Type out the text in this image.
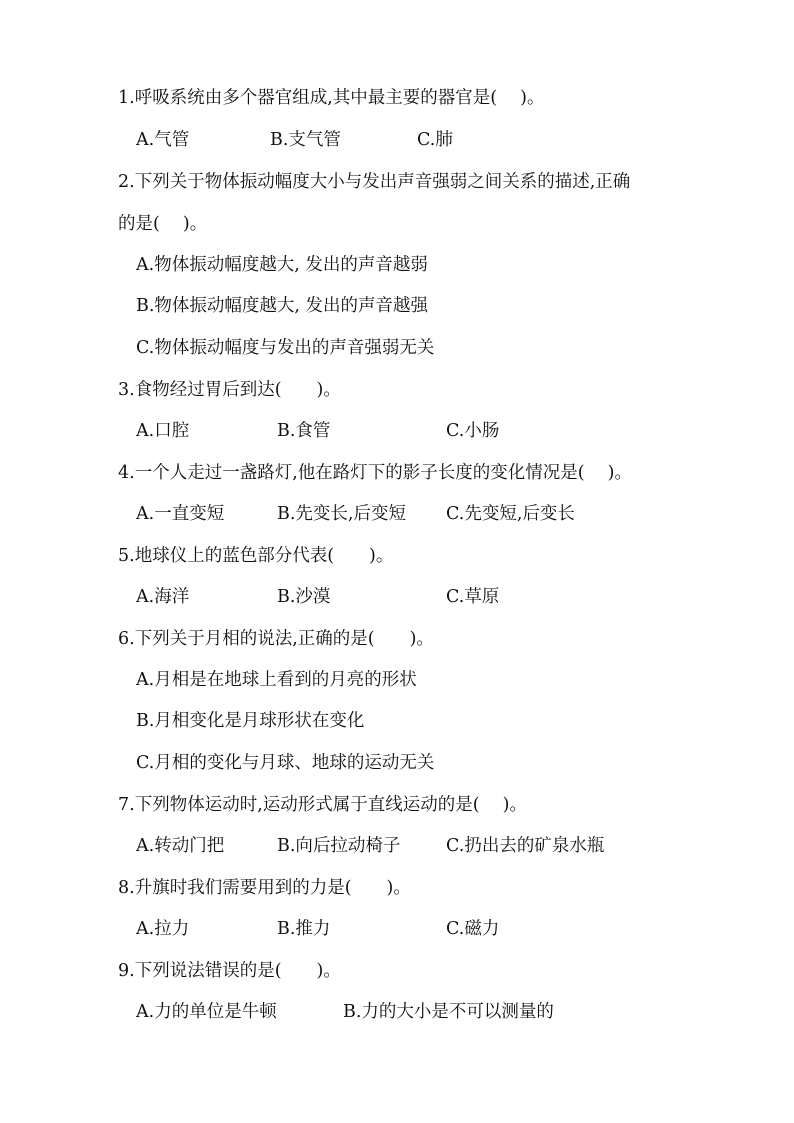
1.呼吸系统由多个器官组成,其中最主要的器官是(　 )。
A.气管	B.支气管	C.肺
2.下列关于物体振动幅度大小与发出声音强弱之间关系的描述,正确
的是(　 )。
A.物体振动幅度越大, 发出的声音越弱
B.物体振动幅度越大, 发出的声音越强
C.物体振动幅度与发出的声音强弱无关
3.食物经过胃后到达(　　)。
A.口腔	B.食管	C.小肠
4.一个人走过一盏路灯,他在路灯下的影子长度的变化情况是(　 )。
A.一直变短	B.先变长,后变短 C.先变短,后变长
5.地球仪上的蓝色部分代表(　　)。
A.海洋	B.沙漠	C.草原
6.下列关于月相的说法,正确的是(　　)。
A.月相是在地球上看到的月亮的形状
B.月相变化是月球形状在变化
C.月相的变化与月球、地球的运动无关
7.下列物体运动时,运动形式属于直线运动的是(　 )。
A.转动门把	B.向后拉动椅子	C.扔出去的矿泉水瓶
8.升旗时我们需要用到的力是(　　)。
A.拉力	B.推力	C.磁力
9.下列说法错误的是(　　)。
A.力的单位是牛顿	B.力的大小是不可以测量的
